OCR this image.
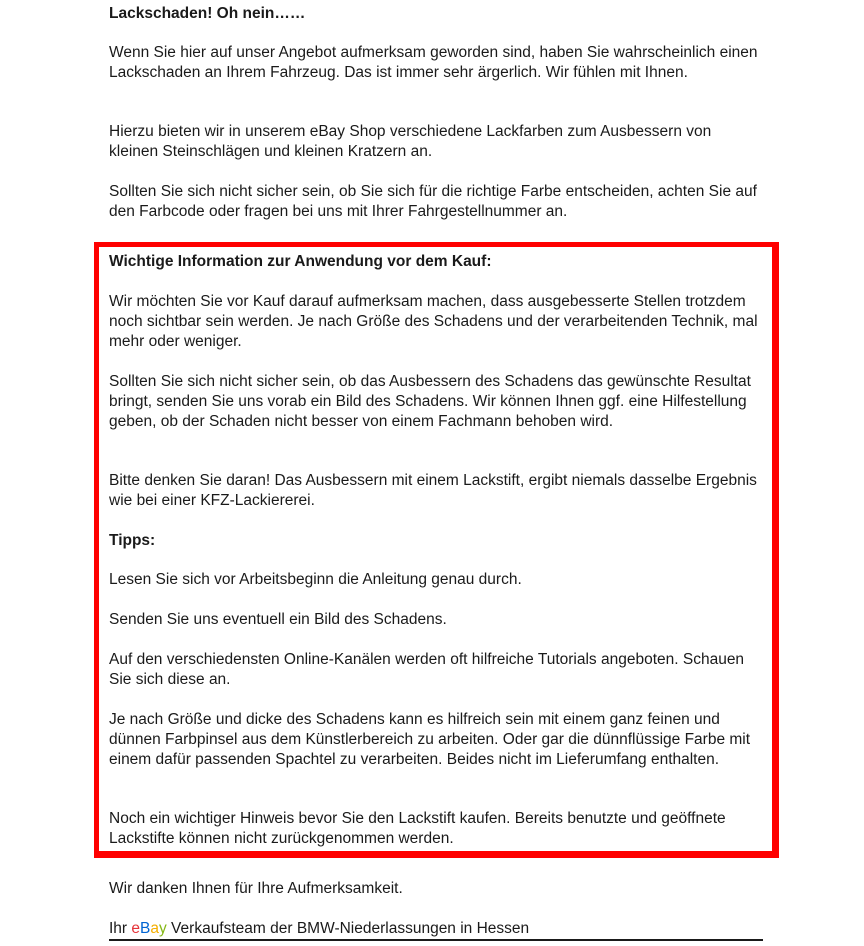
Lackschaden! Oh nein……

Wenn Sie hier auf unser Angebot aufmerksam geworden sind, haben Sie wahrscheinlich einen Lackschaden an Ihrem Fahrzeug. Das ist immer sehr ärgerlich. Wir fühlen mit Ihnen.

Hierzu bieten wir in unserem eBay Shop verschiedene Lackfarben zum Ausbessern von kleinen Steinschlägen und kleinen Kratzern an.

Sollten Sie sich nicht sicher sein, ob Sie sich für die richtige Farbe entscheiden, achten Sie auf den Farbcode oder fragen bei uns mit Ihrer Fahrgestellnummer an.

Wichtige Information zur Anwendung vor dem Kauf:

Wir möchten Sie vor Kauf darauf aufmerksam machen, dass ausgebesserte Stellen trotzdem noch sichtbar sein werden. Je nach Größe des Schadens und der verarbeitenden Technik, mal mehr oder weniger.

Sollten Sie sich nicht sicher sein, ob das Ausbessern des Schadens das gewünschte Resultat bringt, senden Sie uns vorab ein Bild des Schadens. Wir können Ihnen ggf. eine Hilfestellung geben, ob der Schaden nicht besser von einem Fachmann behoben wird.

Bitte denken Sie daran! Das Ausbessern mit einem Lackstift, ergibt niemals dasselbe Ergebnis wie bei einer KFZ-Lackiererei.

Tipps:

Lesen Sie sich vor Arbeitsbeginn die Anleitung genau durch.

Senden Sie uns eventuell ein Bild des Schadens.

Auf den verschiedensten Online-Kanälen werden oft hilfreiche Tutorials angeboten. Schauen Sie sich diese an.

Je nach Größe und dicke des Schadens kann es hilfreich sein mit einem ganz feinen und dünnen Farbpinsel aus dem Künstlerbereich zu arbeiten. Oder gar die dünnflüssige Farbe mit einem dafür passenden Spachtel zu verarbeiten. Beides nicht im Lieferumfang enthalten.

Noch ein wichtiger Hinweis bevor Sie den Lackstift kaufen. Bereits benutzte und geöffnete Lackstifte können nicht zurückgenommen werden.

Wir danken Ihnen für Ihre Aufmerksamkeit.

Ihr eBay Verkaufsteam der BMW-Niederlassungen in Hessen
